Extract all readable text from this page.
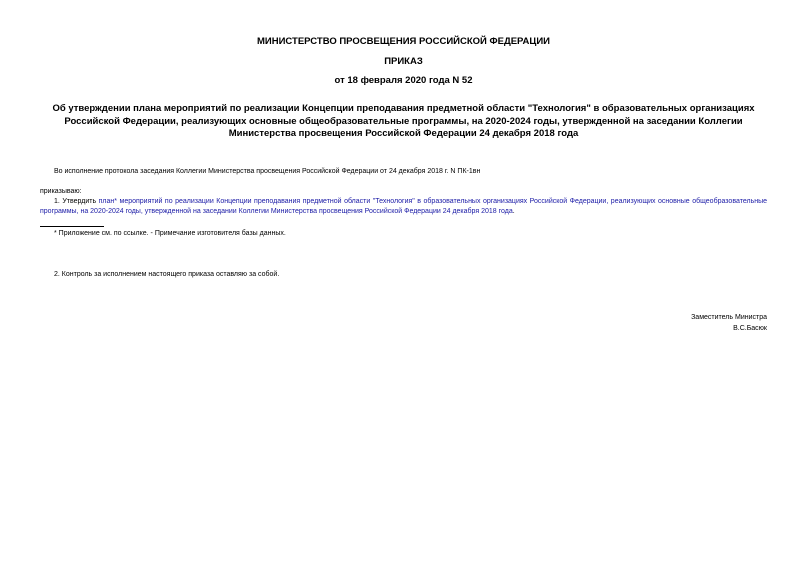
МИНИСТЕРСТВО ПРОСВЕЩЕНИЯ РОССИЙСКОЙ ФЕДЕРАЦИИ
ПРИКАЗ
от 18 февраля 2020 года N 52
Об утверждении плана мероприятий по реализации Концепции преподавания предметной области "Технология" в образовательных организациях Российской Федерации, реализующих основные общеобразовательные программы, на 2020-2024 годы, утвержденной на заседании Коллегии Министерства просвещения Российской Федерации 24 декабря 2018 года
Во исполнение протокола заседания Коллегии Министерства просвещения Российской Федерации от 24 декабря 2018 г. N ПК-1вн
приказываю:
1. Утвердить план* мероприятий по реализации Концепции преподавания предметной области "Технология" в образовательных организациях Российской Федерации, реализующих основные общеобразовательные программы, на 2020-2024 годы, утвержденной на заседании Коллегии Министерства просвещения Российской Федерации 24 декабря 2018 года.
* Приложение см. по ссылке. - Примечание изготовителя базы данных.
2. Контроль за исполнением настоящего приказа оставляю за собой.
Заместитель Министра
В.С.Басюк
